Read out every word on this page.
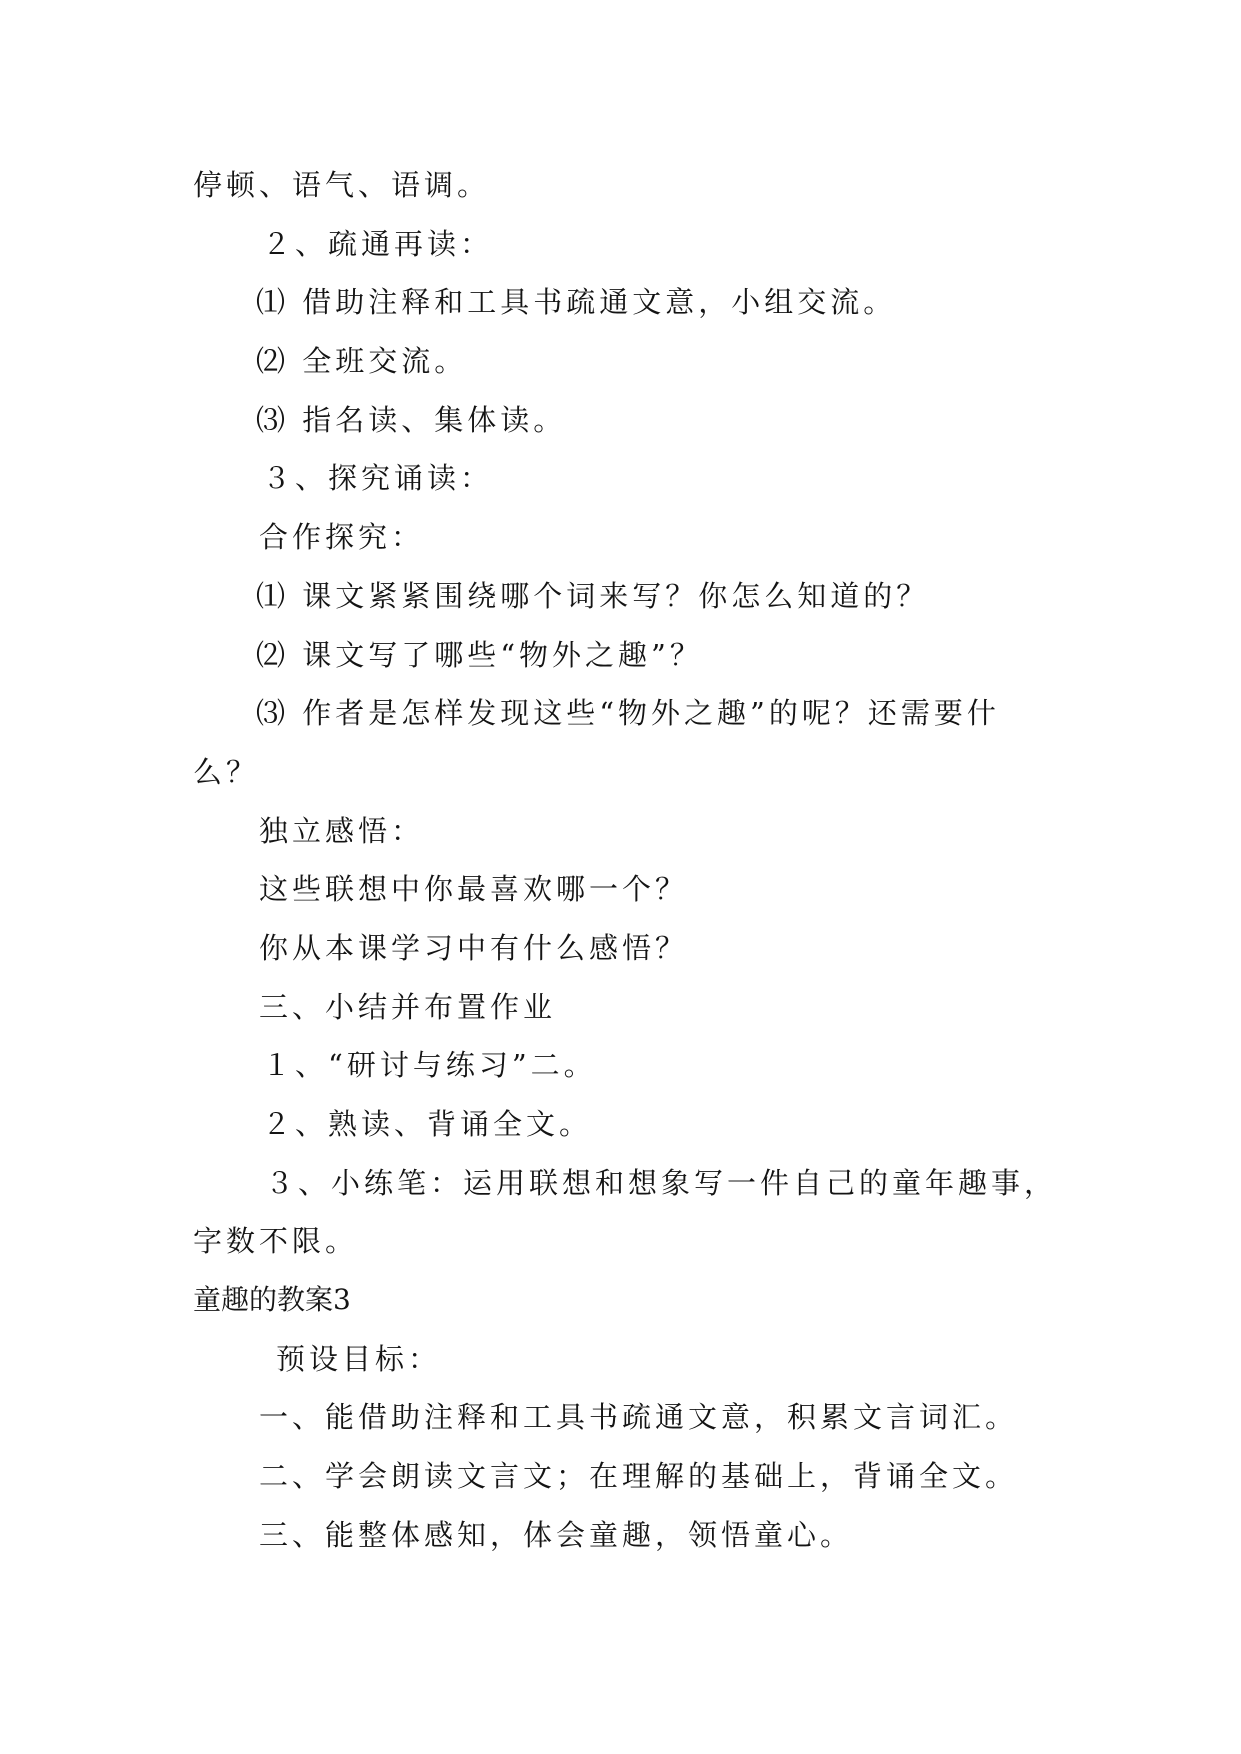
停顿、语气、语调。
２、疏通再读：
⑴ 借助注释和工具书疏通文意，小组交流。
⑵ 全班交流。
⑶ 指名读、集体读。
３、探究诵读：
合作探究：
⑴ 课文紧紧围绕哪个词来写？你怎么知道的？
⑵ 课文写了哪些“物外之趣”？
⑶ 作者是怎样发现这些“物外之趣”的呢？还需要什
么？
独立感悟：
这些联想中你最喜欢哪一个？
你从本课学习中有什么感悟？
三、小结并布置作业
１、“研讨与练习”二。
２、熟读、背诵全文。
３、小练笔：运用联想和想象写一件自己的童年趣事，
字数不限。
童趣的教案3
预设目标：
一、能借助注释和工具书疏通文意，积累文言词汇。
二、学会朗读文言文；在理解的基础上，背诵全文。
三、能整体感知，体会童趣，领悟童心。
